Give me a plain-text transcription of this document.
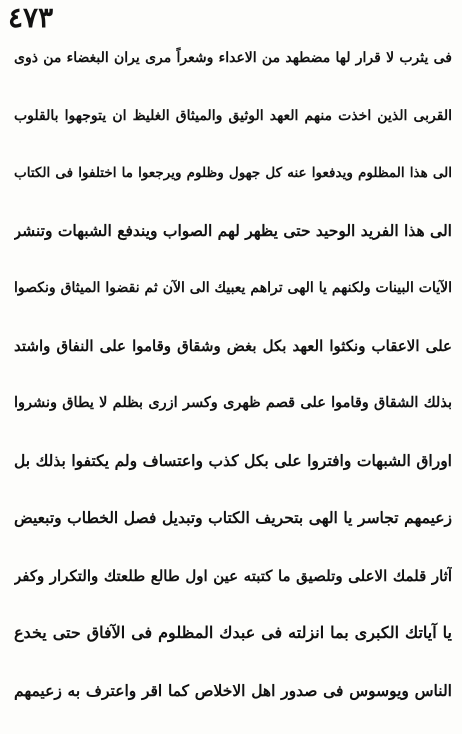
٤٧٣
فى يثرب لا قرار لها مضطهد من الاعداء وشعراً مرى يران البغضاء من ذوى
القربى الذين اخذت منهم العهد الوثيق والميثاق الغليظ ان يتوجهوا بالقلوب
الى هذا المظلوم ويدفعوا عنه كل جهول وظلوم ويرجعوا ما اختلفوا فى الكتاب
الى هذا الفريد الوحيد حتى يظهر لهم الصواب ويندفع الشبهات وتنشر
الآيات البينات ولكنهم يا الهى تراهم يعبيك الى الآن ثم نقضوا الميثاق ونكصوا
على الاعقاب ونكثوا العهد بكل بغض وشقاق وقاموا على النفاق واشتد
بذلك الشقاق وقاموا على قصم ظهرى وكسر ازرى بظلم لا يطاق ونشروا
اوراق الشبهات وافتروا على بكل كذب واعتساف ولم يكتفوا بذلك بل
زعيمهم تجاسر يا الهى بتحريف الكتاب وتبديل فصل الخطاب وتبعيض
آثار قلمك الاعلى وتلصيق ما كتبته عين اول طالع طلعتك والتكرار وكفر
يا آياتك الكبرى بما انزلته فى عبدك المظلوم فى الآفاق حتى يخدع
الناس ويوسوس فى صدور اهل الاخلاص كما اقر واعترف به زعيمهم
